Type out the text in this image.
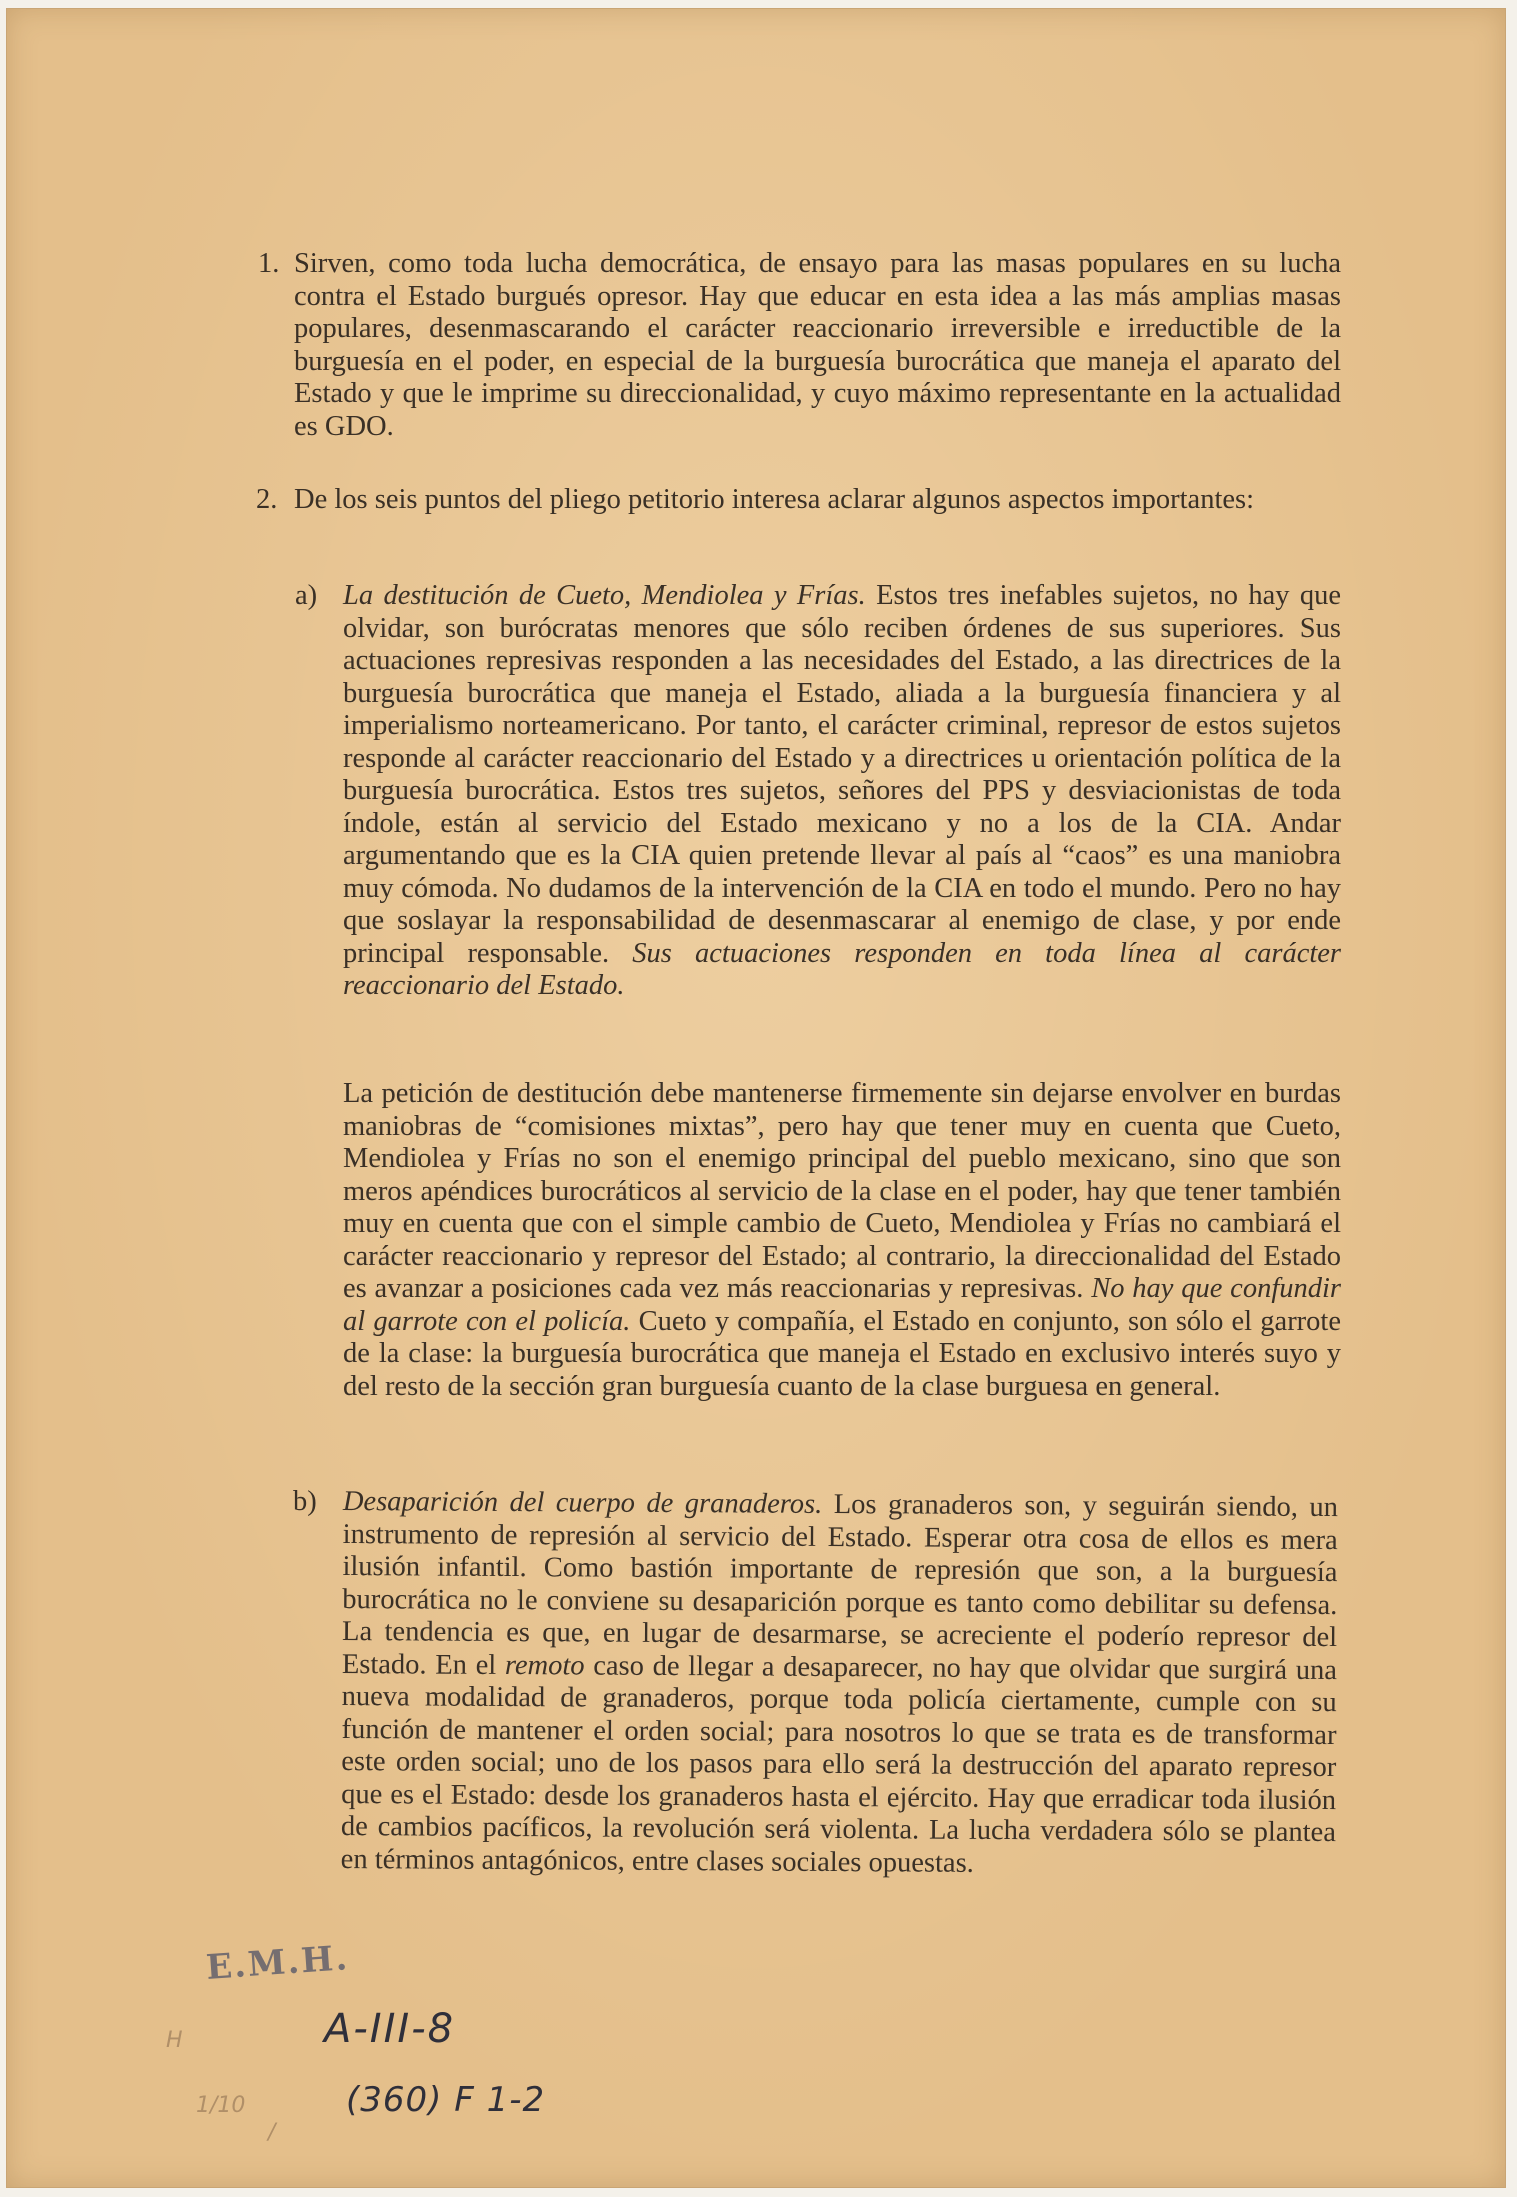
1. Sirven, como toda lucha democrática, de ensayo para las masas populares en su lucha contra el Estado burgués opresor. Hay que educar en esta idea a las más amplias masas populares, desenmascarando el carácter reaccionario irreversible e irreductible de la burguesía en el poder, en especial de la burguesía burocrática que maneja el aparato del Estado y que le imprime su direccionalidad, y cuyo máximo representante en la actualidad es GDO.

2. De los seis puntos del pliego petitorio interesa aclarar algunos aspectos importantes:

a) La destitución de Cueto, Mendiolea y Frías. Estos tres inefables sujetos, no hay que olvidar, son burócratas menores que sólo reciben órdenes de sus superiores. Sus actuaciones represivas responden a las necesidades del Estado, a las directrices de la burguesía burocrática que maneja el Estado, aliada a la burguesía financiera y al imperialismo norteamericano. Por tanto, el carácter criminal, represor de estos sujetos responde al carácter reaccionario del Estado y a directrices u orientación política de la burguesía burocrática. Estos tres sujetos, señores del PPS y desviacionistas de toda índole, están al servicio del Estado mexicano y no a los de la CIA. Andar argumentando que es la CIA quien pretende llevar al país al “caos” es una maniobra muy cómoda. No dudamos de la intervención de la CIA en todo el mundo. Pero no hay que soslayar la responsabilidad de desenmascarar al enemigo de clase, y por ende principal responsable. Sus actuaciones responden en toda línea al carácter reaccionario del Estado.

La petición de destitución debe mantenerse firmemente sin dejarse envolver en burdas maniobras de “comisiones mixtas”, pero hay que tener muy en cuenta que Cueto, Mendiolea y Frías no son el enemigo principal del pueblo mexicano, sino que son meros apéndices burocráticos al servicio de la clase en el poder, hay que tener también muy en cuenta que con el simple cambio de Cueto, Mendiolea y Frías no cambiará el carácter reaccionario y represor del Estado; al contrario, la direccionalidad del Estado es avanzar a posiciones cada vez más reaccionarias y represivas. No hay que confundir al garrote con el policía. Cueto y compañía, el Estado en conjunto, son sólo el garrote de la clase: la burguesía burocrática que maneja el Estado en exclusivo interés suyo y del resto de la sección gran burguesía cuanto de la clase burguesa en general.

b) Desaparición del cuerpo de granaderos. Los granaderos son, y seguirán siendo, un instrumento de represión al servicio del Estado. Esperar otra cosa de ellos es mera ilusión infantil. Como bastión importante de represión que son, a la burguesía burocrática no le conviene su desaparición porque es tanto como debilitar su defensa. La tendencia es que, en lugar de desarmarse, se acreciente el poderío represor del Estado. En el remoto caso de llegar a desaparecer, no hay que olvidar que surgirá una nueva modalidad de granaderos, porque toda policía ciertamente, cumple con su función de mantener el orden social; para nosotros lo que se trata es de transformar este orden social; uno de los pasos para ello será la destrucción del aparato represor que es el Estado: desde los granaderos hasta el ejército. Hay que erradicar toda ilusión de cambios pacíficos, la revolución será violenta. La lucha verdadera sólo se plantea en términos antagónicos, entre clases sociales opuestas.

E.M.H.
A-III-8
(360) F 1-2
H
1/10
/
